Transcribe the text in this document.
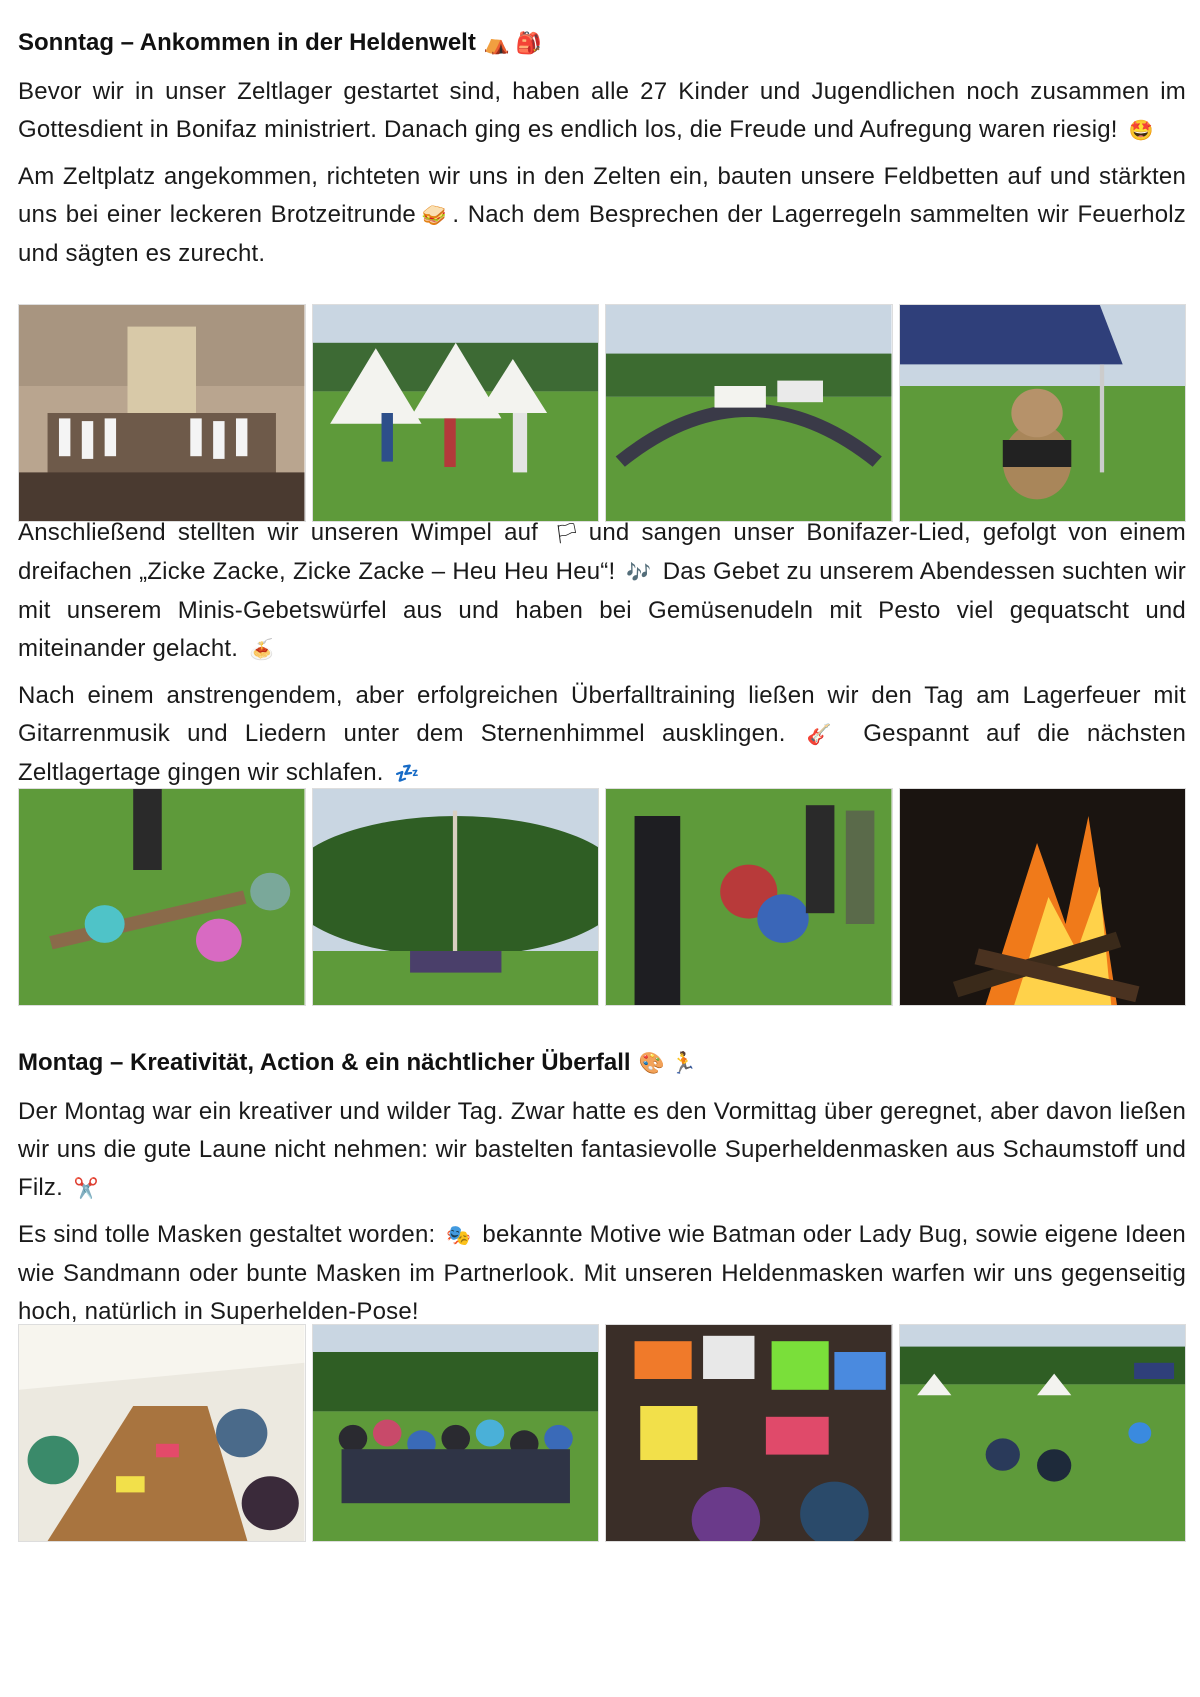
Sonntag – Ankommen in der Heldenwelt ⛺ 🎒

Bevor wir in unser Zeltlager gestartet sind, haben alle 27 Kinder und Jugendlichen noch zusammen im Gottesdient in Bonifaz ministriert. Danach ging es endlich los, die Freude und Aufregung waren riesig! 🤩

Am Zeltplatz angekommen, richteten wir uns in den Zelten ein, bauten unsere Feldbetten auf und stärkten uns bei einer leckeren Brotzeitrunde 🥪 . Nach dem Besprechen der Lagerregeln sammelten wir Feuerholz und sägten es zurecht.

Anschließend stellten wir unseren Wimpel auf 🏳 und sangen unser Bonifazer-Lied, gefolgt von einem dreifachen „Zicke Zacke, Zicke Zacke – Heu Heu Heu“! 🎶 Das Gebet zu unserem Abendessen suchten wir mit unserem Minis-Gebetswürfel aus und haben bei Gemüsenudeln mit Pesto viel gequatscht und miteinander gelacht. 🍝

Nach einem anstrengendem, aber erfolgreichen Überfalltraining ließen wir den Tag am Lagerfeuer mit Gitarrenmusik und Liedern unter dem Sternenhimmel ausklingen. 🎸 Gespannt auf die nächsten Zeltlagertage gingen wir schlafen. 💤

Montag – Kreativität, Action & ein nächtlicher Überfall 🎨 🏃

Der Montag war ein kreativer und wilder Tag. Zwar hatte es den Vormittag über geregnet, aber davon ließen wir uns die gute Laune nicht nehmen: wir bastelten fantasievolle Superheldenmasken aus Schaumstoff und Filz. ✂️

Es sind tolle Masken gestaltet worden: 🎭 bekannte Motive wie Batman oder Lady Bug, sowie eigene Ideen wie Sandmann oder bunte Masken im Partnerlook. Mit unseren Heldenmasken warfen wir uns gegenseitig hoch, natürlich in Superhelden-Pose!
